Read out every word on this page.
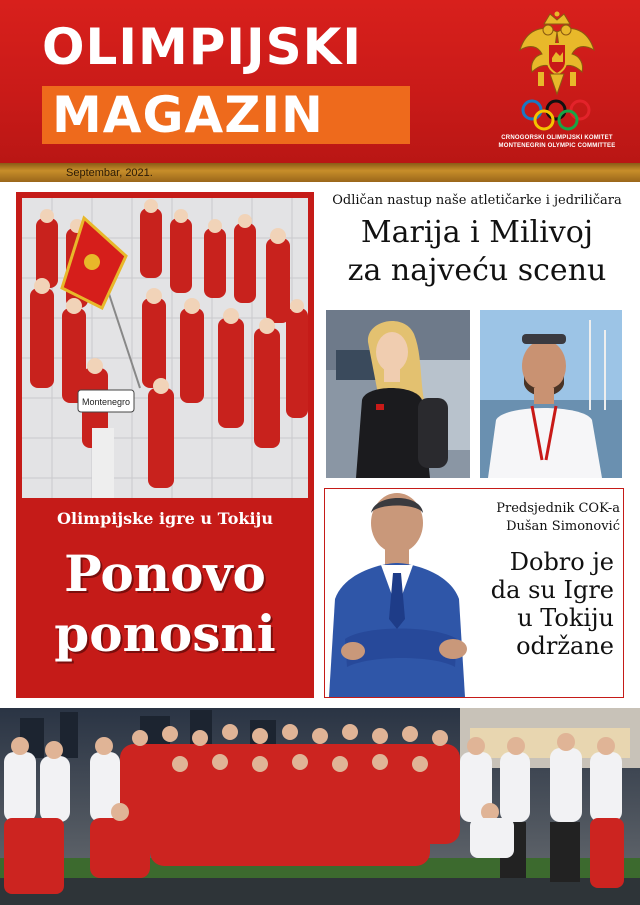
OLIMPIJSKI
MAGAZIN	CRNOGORSKI OLIMPIJSKI KOMITET
MONTENEGRIN OLYMPIC COMMITTEE
Septembar, 2021.
Montenegro
Olimpijske igre u Tokiju
Ponovo
ponosni
Odličan nastup naše atletičarke i jedriličara
Marija i Milivoj
za najveću scenu
Predsjednik COK-a
Dušan Simonović
Dobro je
da su Igre
u Tokiju
održane
